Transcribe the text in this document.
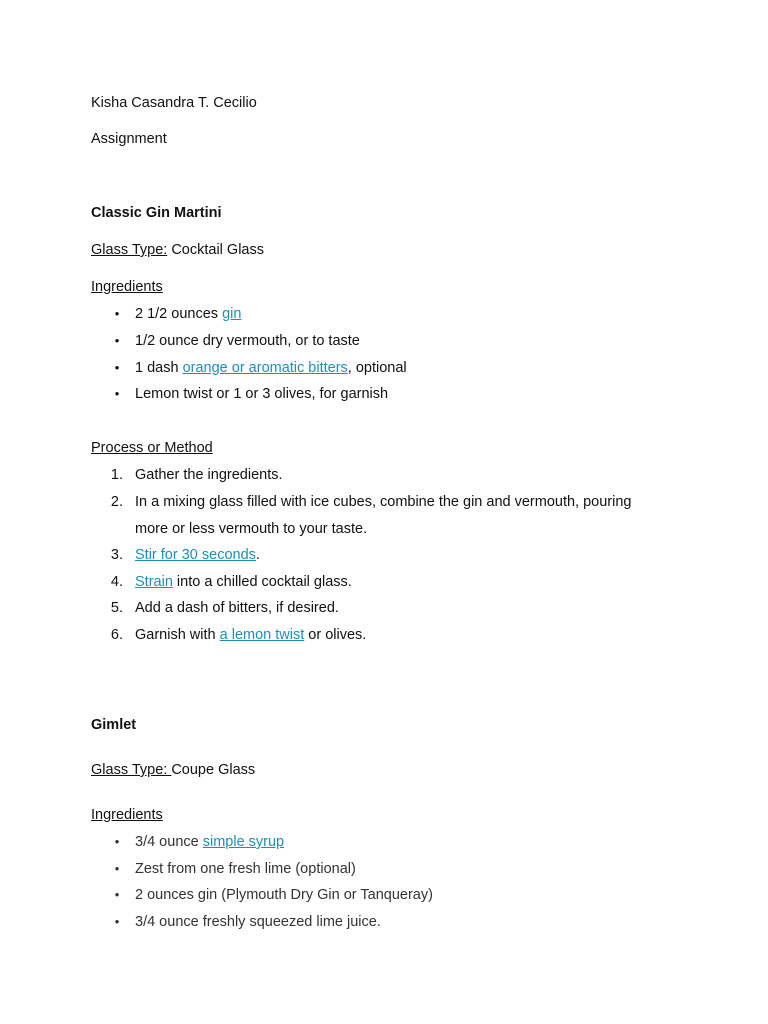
Kisha Casandra T. Cecilio
Assignment
Classic Gin Martini
Glass Type: Cocktail Glass
Ingredients
• 2 1/2 ounces gin
• 1/2 ounce dry vermouth, or to taste
• 1 dash orange or aromatic bitters, optional
• Lemon twist or 1 or 3 olives, for garnish
Process or Method
1. Gather the ingredients.
2. In a mixing glass filled with ice cubes, combine the gin and vermouth, pouring
more or less vermouth to your taste.
3. Stir for 30 seconds.
4. Strain into a chilled cocktail glass.
5. Add a dash of bitters, if desired.
6. Garnish with a lemon twist or olives.
Gimlet
Glass Type: Coupe Glass
Ingredients
• 3/4 ounce simple syrup
• Zest from one fresh lime (optional)
• 2 ounces gin (Plymouth Dry Gin or Tanqueray)
• 3/4 ounce freshly squeezed lime juice.
